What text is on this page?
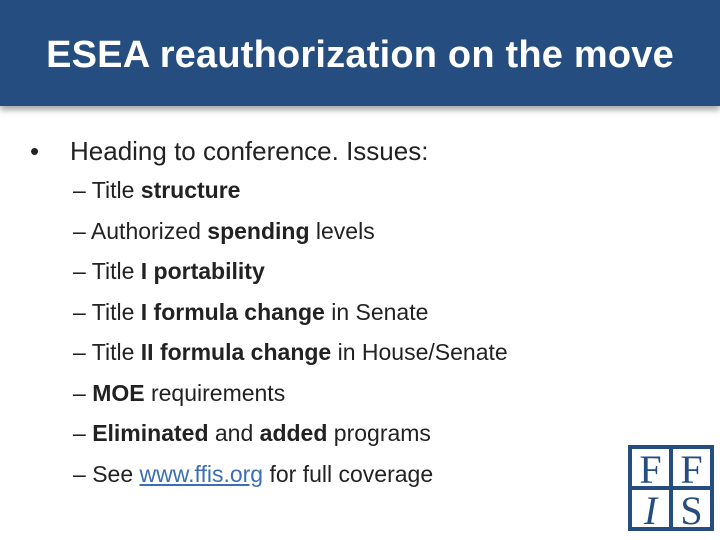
ESEA reauthorization on the move
• Heading to conference. Issues:
– Title structure
– Authorized spending levels
– Title I portability
– Title I formula change in Senate
– Title II formula change in House/Senate
– MOE requirements
– Eliminated and added programs
– See www.ffis.org for full coverage	F F
I S
